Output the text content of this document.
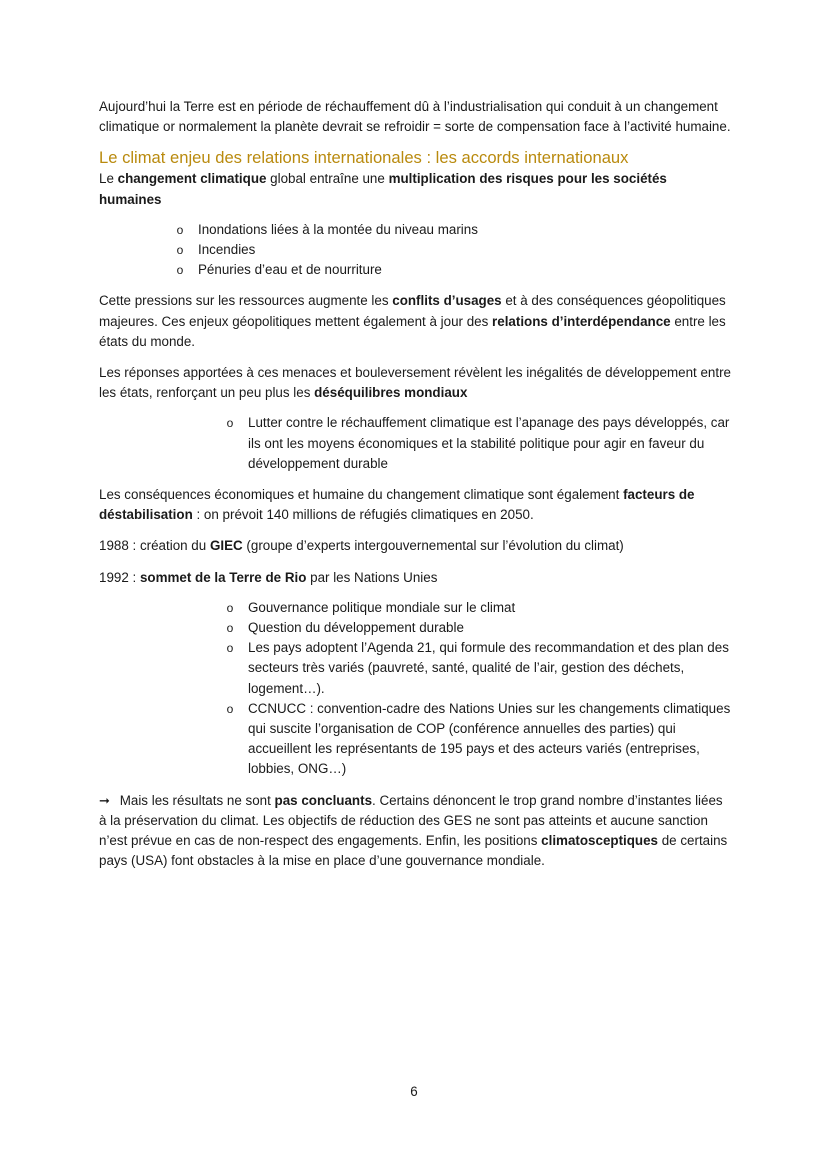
Aujourd’hui la Terre est en période de réchauffement dû à l’industrialisation qui conduit à un changement climatique or normalement la planète devrait se refroidir = sorte de compensation face à l’activité humaine.

Le climat enjeu des relations internationales : les accords internationaux

Le changement climatique global entraîne une multiplication des risques pour les sociétés humaines

o Inondations liées à la montée du niveau marins
o Incendies
o Pénuries d’eau et de nourriture

Cette pressions sur les ressources augmente les conflits d’usages et à des conséquences géopolitiques majeures. Ces enjeux géopolitiques mettent également à jour des relations d’interdépendance entre les états du monde.

Les réponses apportées à ces menaces et bouleversement révèlent les inégalités de développement entre les états, renforçant un peu plus les déséquilibres mondiaux

o Lutter contre le réchauffement climatique est l’apanage des pays développés, car ils ont les moyens économiques et la stabilité politique pour agir en faveur du développement durable

Les conséquences économiques et humaine du changement climatique sont également facteurs de déstabilisation : on prévoit 140 millions de réfugiés climatiques en 2050.

1988 : création du GIEC (groupe d’experts intergouvernemental sur l’évolution du climat)

1992 : sommet de la Terre de Rio par les Nations Unies

o Gouvernance politique mondiale sur le climat
o Question du développement durable
o Les pays adoptent l’Agenda 21, qui formule des recommandation et des plan des secteurs très variés (pauvreté, santé, qualité de l’air, gestion des déchets, logement…).
o CCNUCC : convention-cadre des Nations Unies sur les changements climatiques qui suscite l’organisation de COP (conférence annuelles des parties) qui accueillent les représentants de 195 pays et des acteurs variés (entreprises, lobbies, ONG…)

➞ Mais les résultats ne sont pas concluants. Certains dénoncent le trop grand nombre d’instantes liées à la préservation du climat. Les objectifs de réduction des GES ne sont pas atteints et aucune sanction n’est prévue en cas de non-respect des engagements. Enfin, les positions climatosceptiques de certains pays (USA) font obstacles à la mise en place d’une gouvernance mondiale.

6
